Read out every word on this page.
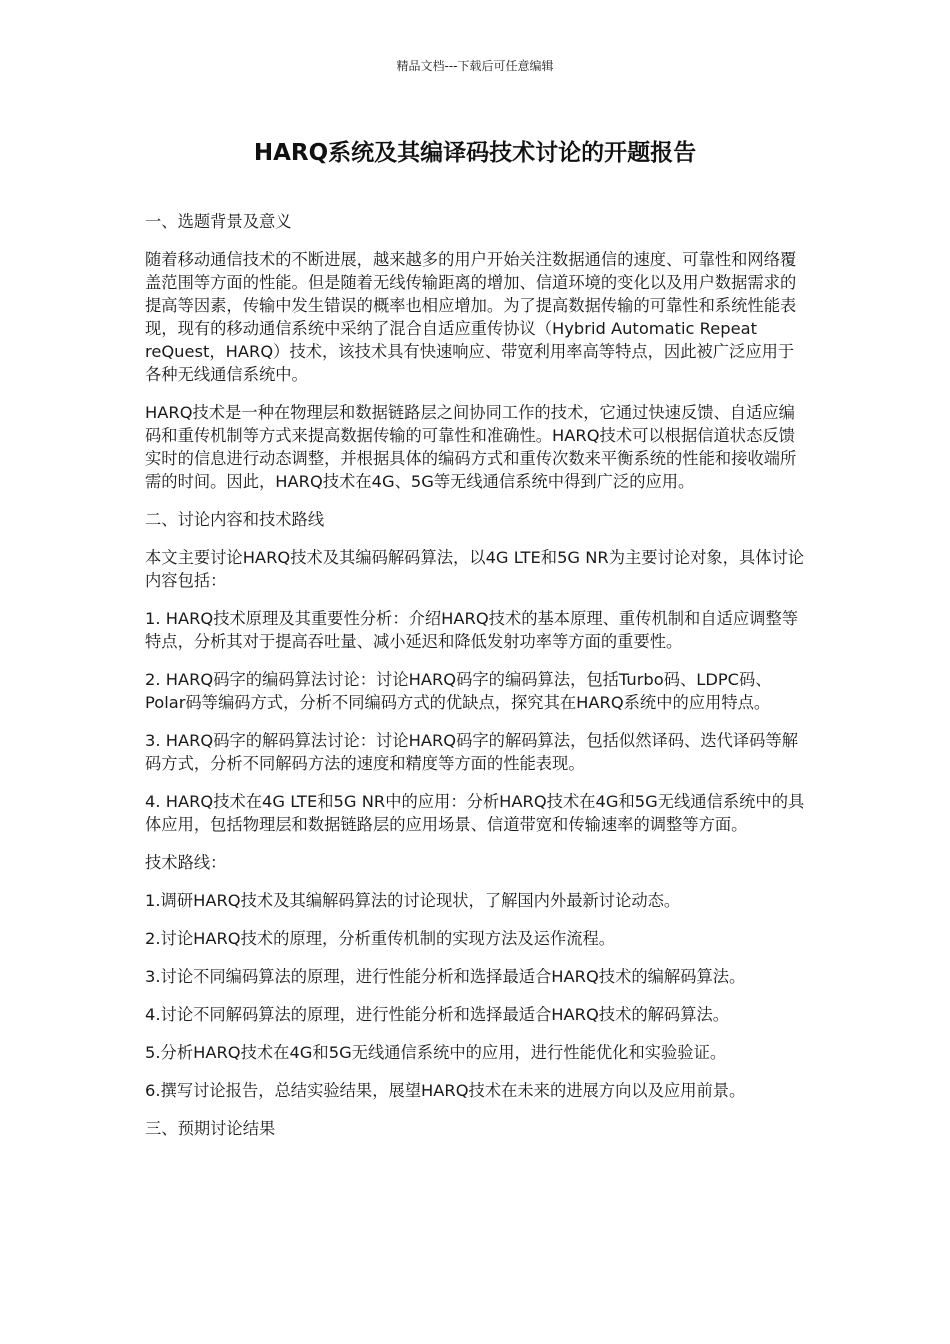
精品文档---下载后可任意编辑
HARQ系统及其编译码技术讨论的开题报告

一、选题背景及意义

随着移动通信技术的不断进展，越来越多的用户开始关注数据通信的速度、可靠性和网络覆盖范围等方面的性能。但是随着无线传输距离的增加、信道环境的变化以及用户数据需求的提高等因素，传输中发生错误的概率也相应增加。为了提高数据传输的可靠性和系统性能表现，现有的移动通信系统中采纳了混合自适应重传协议（Hybrid Automatic Repeat reQuest，HARQ）技术，该技术具有快速响应、带宽利用率高等特点，因此被广泛应用于各种无线通信系统中。

HARQ技术是一种在物理层和数据链路层之间协同工作的技术，它通过快速反馈、自适应编码和重传机制等方式来提高数据传输的可靠性和准确性。HARQ技术可以根据信道状态反馈实时的信息进行动态调整，并根据具体的编码方式和重传次数来平衡系统的性能和接收端所需的时间。因此，HARQ技术在4G、5G等无线通信系统中得到广泛的应用。

二、讨论内容和技术路线

本文主要讨论HARQ技术及其编码解码算法，以4G LTE和5G NR为主要讨论对象，具体讨论内容包括：

1. HARQ技术原理及其重要性分析：介绍HARQ技术的基本原理、重传机制和自适应调整等特点，分析其对于提高吞吐量、减小延迟和降低发射功率等方面的重要性。

2. HARQ码字的编码算法讨论：讨论HARQ码字的编码算法，包括Turbo码、LDPC码、Polar码等编码方式，分析不同编码方式的优缺点，探究其在HARQ系统中的应用特点。

3. HARQ码字的解码算法讨论：讨论HARQ码字的解码算法，包括似然译码、迭代译码等解码方式，分析不同解码方法的速度和精度等方面的性能表现。

4. HARQ技术在4G LTE和5G NR中的应用：分析HARQ技术在4G和5G无线通信系统中的具体应用，包括物理层和数据链路层的应用场景、信道带宽和传输速率的调整等方面。

技术路线：

1.调研HARQ技术及其编解码算法的讨论现状，了解国内外最新讨论动态。

2.讨论HARQ技术的原理，分析重传机制的实现方法及运作流程。

3.讨论不同编码算法的原理，进行性能分析和选择最适合HARQ技术的编解码算法。

4.讨论不同解码算法的原理，进行性能分析和选择最适合HARQ技术的解码算法。

5.分析HARQ技术在4G和5G无线通信系统中的应用，进行性能优化和实验验证。

6.撰写讨论报告，总结实验结果，展望HARQ技术在未来的进展方向以及应用前景。

三、预期讨论结果
